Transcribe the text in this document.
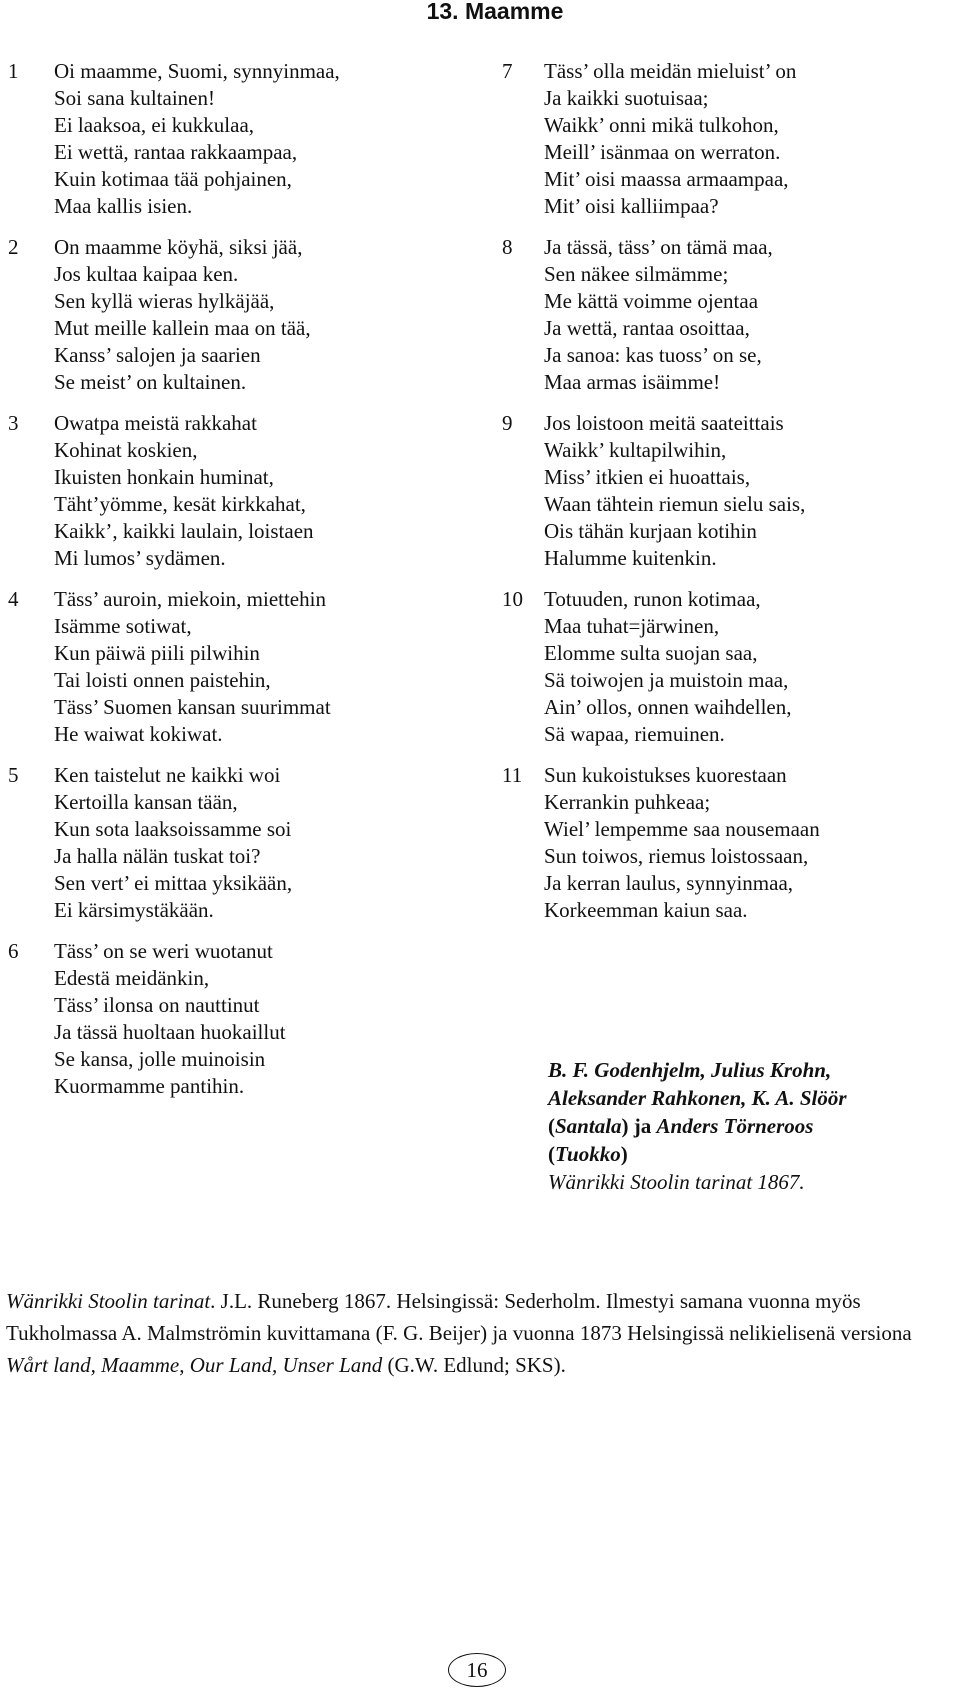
13. Maamme
1 Oi maamme, Suomi, synnyinmaa,
Soi sana kultainen!
Ei laaksoa, ei kukkulaa,
Ei wettä, rantaa rakkaampaa,
Kuin kotimaa tää pohjainen,
Maa kallis isien.
2 On maamme köyhä, siksi jää,
Jos kultaa kaipaa ken.
Sen kyllä wieras hylkäjää,
Mut meille kallein maa on tää,
Kanss’ salojen ja saarien
Se meist’ on kultainen.
3 Owatpa meistä rakkahat
Kohinat koskien,
Ikuisten honkain huminat,
Täht’yömme, kesät kirkkahat,
Kaikk’, kaikki laulain, loistaen
Mi lumos’ sydämen.
4 Täss’ auroin, miekoin, miettehin
Isämme sotiwat,
Kun päiwä piili pilwihin
Tai loisti onnen paistehin,
Täss’ Suomen kansan suurimmat
He waiwat kokiwat.
5 Ken taistelut ne kaikki woi
Kertoilla kansan tään,
Kun sota laaksoissamme soi
Ja halla nälän tuskat toi?
Sen vert’ ei mittaa yksikään,
Ei kärsimystäkään.
6 Täss’ on se weri wuotanut
Edestä meidänkin,
Täss’ ilonsa on nauttinut
Ja tässä huoltaan huokaillut
Se kansa, jolle muinoisin
Kuormamme pantihin.
7 Täss’ olla meidän mieluist’ on
Ja kaikki suotuisaa;
Waikk’ onni mikä tulkohon,
Meill’ isänmaa on werraton.
Mit’ oisi maassa armaampaa,
Mit’ oisi kalliimpaa?
8 Ja tässä, täss’ on tämä maa,
Sen näkee silmämme;
Me kättä voimme ojentaa
Ja wettä, rantaa osoittaa,
Ja sanoa: kas tuoss’ on se,
Maa armas isäimme!
9 Jos loistoon meitä saateittais
Waikk’ kultapilwihin,
Miss’ itkien ei huoattais,
Waan tähtein riemun sielu sais,
Ois tähän kurjaan kotihin
Halumme kuitenkin.
10 Totuuden, runon kotimaa,
Maa tuhat=järwinen,
Elomme sulta suojan saa,
Sä toiwojen ja muistoin maa,
Ain’ ollos, onnen waihdellen,
Sä wapaa, riemuinen.
11 Sun kukoistukses kuorestaan
Kerrankin puhkeaa;
Wiel’ lempemme saa nousemaan
Sun toiwos, riemus loistossaan,
Ja kerran laulus, synnyinmaa,
Korkeemman kaiun saa.
B. F. Godenhjelm, Julius Krohn,
Aleksander Rahkonen, K. A. Slöör
(Santala) ja Anders Törneroos
(Tuokko)
Wänrikki Stoolin tarinat 1867.
Wänrikki Stoolin tarinat. J.L. Runeberg 1867. Helsingissä: Sederholm. Ilmestyi samana vuonna myös Tukholmassa A. Malmströmin kuvittamana (F. G. Beijer) ja vuonna 1873 Helsingissä nelikielisenä versiona Wårt land, Maamme, Our Land, Unser Land (G.W. Edlund; SKS).
16
